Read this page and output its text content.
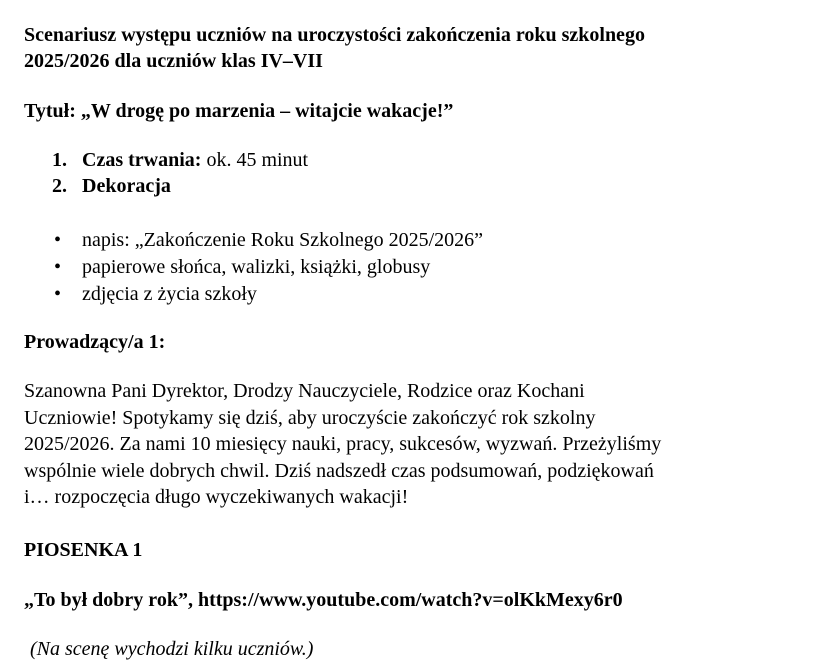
Scenariusz występu uczniów na uroczystości zakończenia roku szkolnego
2025/2026 dla uczniów klas IV–VII
Tytuł: „W drogę po marzenia – witajcie wakacje!”
1. Czas trwania: ok. 45 minut
2. Dekoracja
•	napis: „Zakończenie Roku Szkolnego 2025/2026”
•	papierowe słońca, walizki, książki, globusy
•	zdjęcia z życia szkoły
Prowadzący/a 1:
Szanowna Pani Dyrektor, Drodzy Nauczyciele, Rodzice oraz Kochani
Uczniowie! Spotykamy się dziś, aby uroczyście zakończyć rok szkolny
2025/2026. Za nami 10 miesięcy nauki, pracy, sukcesów, wyzwań. Przeżyliśmy
wspólnie wiele dobrych chwil. Dziś nadszedł czas podsumowań, podziękowań
i… rozpoczęcia długo wyczekiwanych wakacji!
PIOSENKA 1
„To był dobry rok”, https://www.youtube.com/watch?v=olKkMexy6r0
(Na scenę wychodzi kilku uczniów.)
